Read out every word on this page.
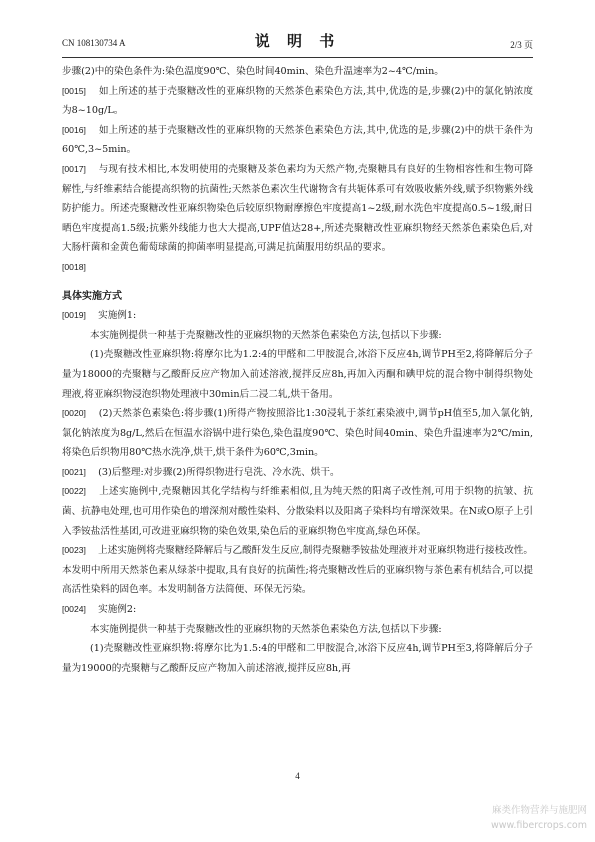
CN 108130734 A	说 明 书	2/3 页

步骤(2)中的染色条件为:染色温度90℃、染色时间40min、染色升温速率为2~4℃/min。

[0015] 如上所述的基于壳聚糖改性的亚麻织物的天然茶色素染色方法,其中,优选的是,步骤(2)中的氯化钠浓度为8~10g/L。

[0016] 如上所述的基于壳聚糖改性的亚麻织物的天然茶色素染色方法,其中,优选的是,步骤(2)中的烘干条件为60℃,3~5min。

[0017] 与现有技术相比,本发明使用的壳聚糖及茶色素均为天然产物,壳聚糖具有良好的生物相容性和生物可降解性,与纤维素结合能提高织物的抗菌性;天然茶色素次生代谢物含有共轭体系可有效吸收紫外线,赋予织物紫外线防护能力。所述壳聚糖改性亚麻织物染色后较原织物耐摩擦色牢度提高1~2级,耐水洗色牢度提高0.5~1级,耐日晒色牢度提高1.5级;抗紫外线能力也大大提高,UPF值达28+,所述壳聚糖改性亚麻织物经天然茶色素染色后,对大肠杆菌和金黄色葡萄球菌的抑菌率明显提高,可满足抗菌服用纺织品的要求。

[0018]

具体实施方式

[0019] 实施例1:

本实施例提供一种基于壳聚糖改性的亚麻织物的天然茶色素染色方法,包括以下步骤:

(1)壳聚糖改性亚麻织物:将摩尔比为1.2:4的甲醛和二甲胺混合,冰浴下反应4h,调节PH至2,将降解后分子量为18000的壳聚糖与乙酸酐反应产物加入前述溶液,搅拌反应8h,再加入丙酮和碘甲烷的混合物中制得织物处理液,将亚麻织物浸泡织物处理液中30min后二浸二轧,烘干备用。

[0020] (2)天然茶色素染色:将步骤(1)所得产物按照浴比1:30浸轧于茶红素染液中,调节pH值至5,加入氯化钠,氯化钠浓度为8g/L,然后在恒温水浴锅中进行染色,染色温度90℃、染色时间40min、染色升温速率为2℃/min,将染色后织物用80℃热水洗净,烘干,烘干条件为60℃,3min。

[0021] (3)后整理:对步骤(2)所得织物进行皂洗、冷水洗、烘干。

[0022] 上述实施例中,壳聚糖因其化学结构与纤维素相似,且为纯天然的阳离子改性剂,可用于织物的抗皱、抗菌、抗静电处理,也可用作染色的增深剂对酸性染料、分散染料以及阳离子染料均有增深效果。在N或O原子上引入季铵盐活性基团,可改进亚麻织物的染色效果,染色后的亚麻织物色牢度高,绿色环保。

[0023] 上述实施例将壳聚糖经降解后与乙酸酐发生反应,制得壳聚糖季铵盐处理液并对亚麻织物进行接枝改性。本发明中所用天然茶色素从绿茶中提取,具有良好的抗菌性;将壳聚糖改性后的亚麻织物与茶色素有机结合,可以提高活性染料的固色率。本发明制备方法简便、环保无污染。

[0024] 实施例2:

本实施例提供一种基于壳聚糖改性的亚麻织物的天然茶色素染色方法,包括以下步骤:

(1)壳聚糖改性亚麻织物:将摩尔比为1.5:4的甲醛和二甲胺混合,冰浴下反应4h,调节PH至3,将降解后分子量为19000的壳聚糖与乙酸酐反应产物加入前述溶液,搅拌反应8h,再

4
麻类作物营养与施肥网
www.fibercrops.com
